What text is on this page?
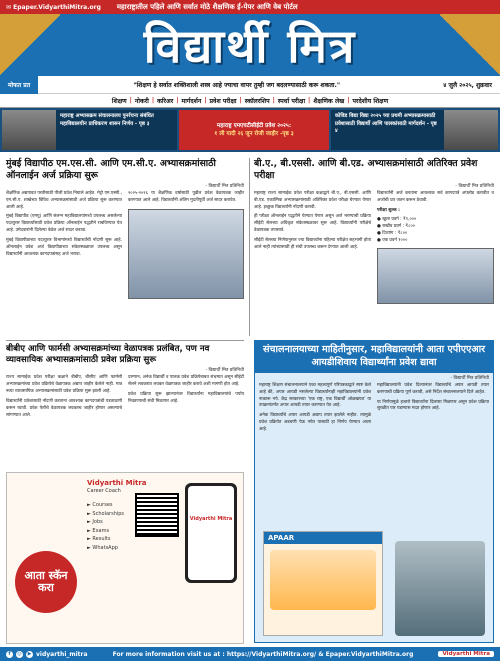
✉ Epaper.VidyarthiMitra.org महाराष्ट्रातील पहिले आणि सर्वात मोठे शैक्षणिक ई-पेपर आणि वेब पोर्टल
विद्यार्थी मित्र
मोफत प्रत	"शिक्षण हे सर्वात शक्तिशाली शस्त्र आहे ज्याचा वापर तुम्ही जग बदलण्यासाठी करू शकता."	४ जुलै २०२५, शुक्रवार
शिक्षण | नोकरी | करिअर | मार्गदर्शन | प्रवेश परीक्षा | स्कॉलरशिप | स्पर्धा परीक्षा | शैक्षणिक लेख | परदेशीय शिक्षण
महाराष्ट्र अभ्यासक्रम संचालनालय पुनर्रचना संबंधित महाविद्यालयीन प्राधिकरण शासन निर्णय - पृष्ठ ३	महाराष्ट्र एमएचटीसीईटी प्रवेश २०२५:
१ ली यादी २६ जून रोजी जाहीर -पृष्ठ ३
कोविड विद्या विद्या २०२५ च्या प्रथमी अभ्यासक्रमासाठी प्रवेशासाठी विद्यार्थी आणि पालकांसाठी मार्गदर्शन - पृष्ठ ४
मुंबई विद्यापीठ एम.एस.सी. आणि एम.सी.ए. अभ्यासक्रमांसाठी ऑनलाईन अर्ज प्रक्रिया सुरू
- विद्यार्थी मित्र प्रतिनिधी

शैक्षणिक अद्ययावत परतीसाठी पीजी प्रवेश निघाले आहेत. मेट्रो एम.एस्सी., एम.सी.ए. शाखेच्या विविध अभ्यासक्रमांसाठी अर्ज प्रक्रिया सुरू करण्यात आली आहे.

मुंबई विद्यापीठ (एमयु) आणि संलग्न महाविद्यालयांमध्ये उपलब्ध असलेल्या पदव्युत्तर विद्यार्थ्यांसाठी प्रवेश प्रक्रिया ऑनलाईन पद्धतीने राबविण्यात येत आहे. उमेदवारांनी दिलेल्या वेळेत अर्ज सादर करावा.

मुंबई विद्यापीठाच्या पदव्युत्तर विभागांमध्ये विद्यार्थ्यांची नोंदणी सुरू आहे. ऑनलाईन प्रवेश अर्ज विद्यापीठाच्या संकेतस्थळावर उपलब्ध असून विद्यार्थ्यांनी आवश्यक कागदपत्रांसह अर्ज भरावा.

२०२५-२०२६ या शैक्षणिक वर्षासाठी पुढील प्रवेश वेळापत्रक जाहीर करण्यात आले आहे. विद्यार्थ्यांनी अंतिम मुदतीपूर्वी अर्ज सादर करावेत.

बी.ए., बी.एससी. आणि बी.एड. अभ्यासक्रमांसाठी अतिरिक्त प्रवेश परीक्षा
- विद्यार्थी मित्र प्रतिनिधी

महाराष्ट्र राज्य सामाईक प्रवेश परीक्षा कक्षाद्वारे बी.ए., बी.एससी. आणि बी.एड. एकात्मिक अभ्यासक्रमांसाठी अतिरिक्त प्रवेश परीक्षा घेण्यात येणार आहे. इच्छुक विद्यार्थ्यांनी नोंदणी करावी.

ही परीक्षा ऑनलाईन पद्धतीने घेण्यात येणार असून अर्ज भरण्याची प्रक्रिया सीईटी सेलच्या अधिकृत संकेतस्थळावर सुरू आहे. विद्यार्थ्यांनी परीक्षेचे वेळापत्रक तपासावे.

सीईटी सेलच्या निर्णयानुसार ज्या विद्यार्थ्यांना पहिल्या परीक्षेत सहभागी होता आले नाही त्यांच्यासाठी ही संधी उपलब्ध करून देण्यात आली आहे.

विद्यार्थ्यांनी अर्ज करताना आवश्यक सर्व कागदपत्रे अपलोड करावीत व अर्जाची प्रत जतन करून ठेवावी.

परीक्षा शुल्क :

● खुला प्रवर्ग : ₹१,०००

● राखीव प्रवर्ग : ₹८००

● दिव्यांग : ₹८००

● एक प्रवर्ग १०००

बीबीए आणि फार्मसी अभ्यासक्रमांच्या वेळापत्रक प्रलंबित, पण नव व्यावसायिक अभ्यासक्रमांसाठी प्रवेश प्रक्रिया सुरू
- विद्यार्थी मित्र प्रतिनिधी

राज्य सामाईक प्रवेश परीक्षा कक्षाने बीबीए, बीसीए आणि फार्मसी अभ्यासक्रमांच्या प्रवेश प्रक्रियेचे वेळापत्रक अद्याप जाहीर केलेले नाही. मात्र नव्या व्यावसायिक अभ्यासक्रमांसाठी प्रवेश प्रक्रिया सुरू झाली आहे.

विद्यार्थ्यांनी प्रवेशासाठी नोंदणी करताना आवश्यक कागदपत्रांची पडताळणी करून घ्यावी. प्रवेश फेरीचे वेळापत्रक लवकरच जाहीर होणार असल्याचे सांगण्यात आले.

दरम्यान, अनेक विद्यार्थी व पालक प्रवेश प्रक्रियेबाबत संभ्रमात असून सीईटी सेलने लवकरात लवकर वेळापत्रक जाहीर करावे अशी मागणी होत आहे.

प्रवेश प्रक्रिया सुरू झाल्यानंतर विद्यार्थ्यांना महाविद्यालयांचे पर्याय निवडण्याची संधी मिळणार आहे.

संचालनालयाच्या माहितीनुसार, महाविद्यालयांनी आता एपीएएआर आयडीशिवाय विद्यार्थ्यांना प्रवेश द्यावा
- विद्यार्थी मित्र प्रतिनिधी

महाराष्ट्र शिक्षण संचालनालयाने एका महत्त्वपूर्ण परिपत्रकाद्वारे स्पष्ट केले आहे की, अपार आयडी नसलेल्या विद्यार्थ्यांनाही महाविद्यालयांनी प्रवेश नाकारू नये. केंद्र सरकारच्या 'एक राष्ट्र, एक विद्यार्थी ओळखपत्र' या उपक्रमांतर्गत अपार आयडी तयार करण्यात येत आहे.

अनेक विद्यार्थ्यांचे अपार आयडी अद्याप तयार झालेले नाहीत. त्यामुळे प्रवेश प्रक्रियेत अडचणी येऊ नयेत यासाठी हा निर्णय घेण्यात आला आहे.

महाविद्यालयांनी प्रवेश दिल्यानंतर विद्यार्थ्यांचे अपार आयडी तयार करण्याची प्रक्रिया पूर्ण करावी, असे निर्देश संचालनालयाने दिले आहेत.

या निर्णयामुळे हजारो विद्यार्थ्यांना दिलासा मिळणार असून प्रवेश प्रक्रिया सुरळीत पार पडण्यास मदत होणार आहे.

APAAR
आता स्कॅन
करा
Vidyarthi Mitra
Career Coach
► Courses
► Scholarships
► Jobs
► Exams
► Results
► WhatsApp
Vidyarthi Mitra
f	◎	▶ vidyarthi_mitra	For more information visit us at : https://VidyarthiMitra.org/ & Epaper.VidyarthiMitra.org	Vidyarthi Mitra
